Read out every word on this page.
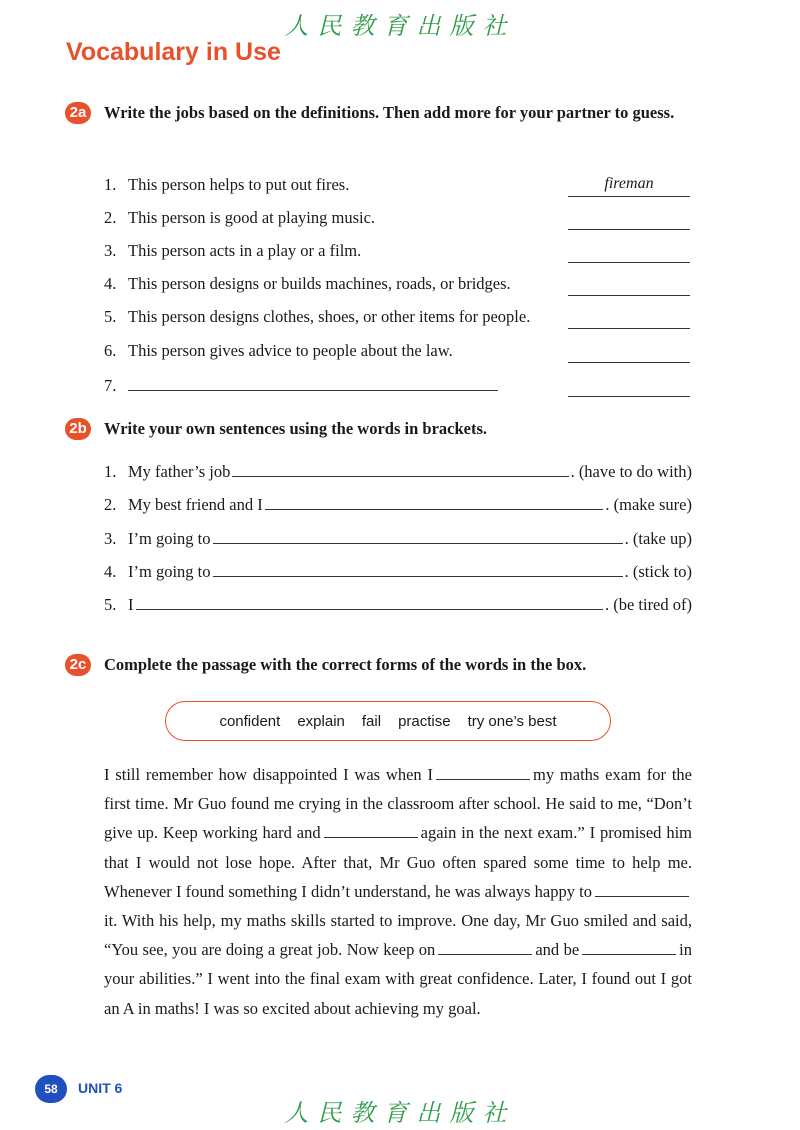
人民教育出版社
Vocabulary in Use
2a Write the jobs based on the definitions. Then add more for your partner to guess.

1. This person helps to put out fires.	fireman
2. This person is good at playing music.
3. This person acts in a play or a film.
4. This person designs or builds machines, roads, or bridges.
5. This person designs clothes, shoes, or other items for people.
6. This person gives advice to people about the law.
7.
2b Write your own sentences using the words in brackets.

1. My father’s job	. (have to do with)
2. My best friend and I	. (make sure)
3. I’m going to	. (take up)
4. I’m going to	. (stick to)
5. I	. (be tired of)
2c Complete the passage with the correct forms of the words in the box.

confident explain fail practise try one’s best

I still remember how disappointed I was when I	my maths exam for the first time. Mr Guo found me crying in the classroom after school. He said to me, “Don’t give up. Keep working hard and	again in the next exam.” I promised him that I would not lose hope. After that, Mr Guo often spared some time to help me. Whenever I found something I didn’t understand, he was always happy toit. With his help, my maths skills started to improve. One day, Mr Guo smiled and said, “You see, you are doing a great job. Now keep on	and be	in your abilities.” I went into the final exam with great confidence. Later, I found out I got an A in maths! I was so excited about achieving my goal.

58	UNIT 6
人民教育出版社
